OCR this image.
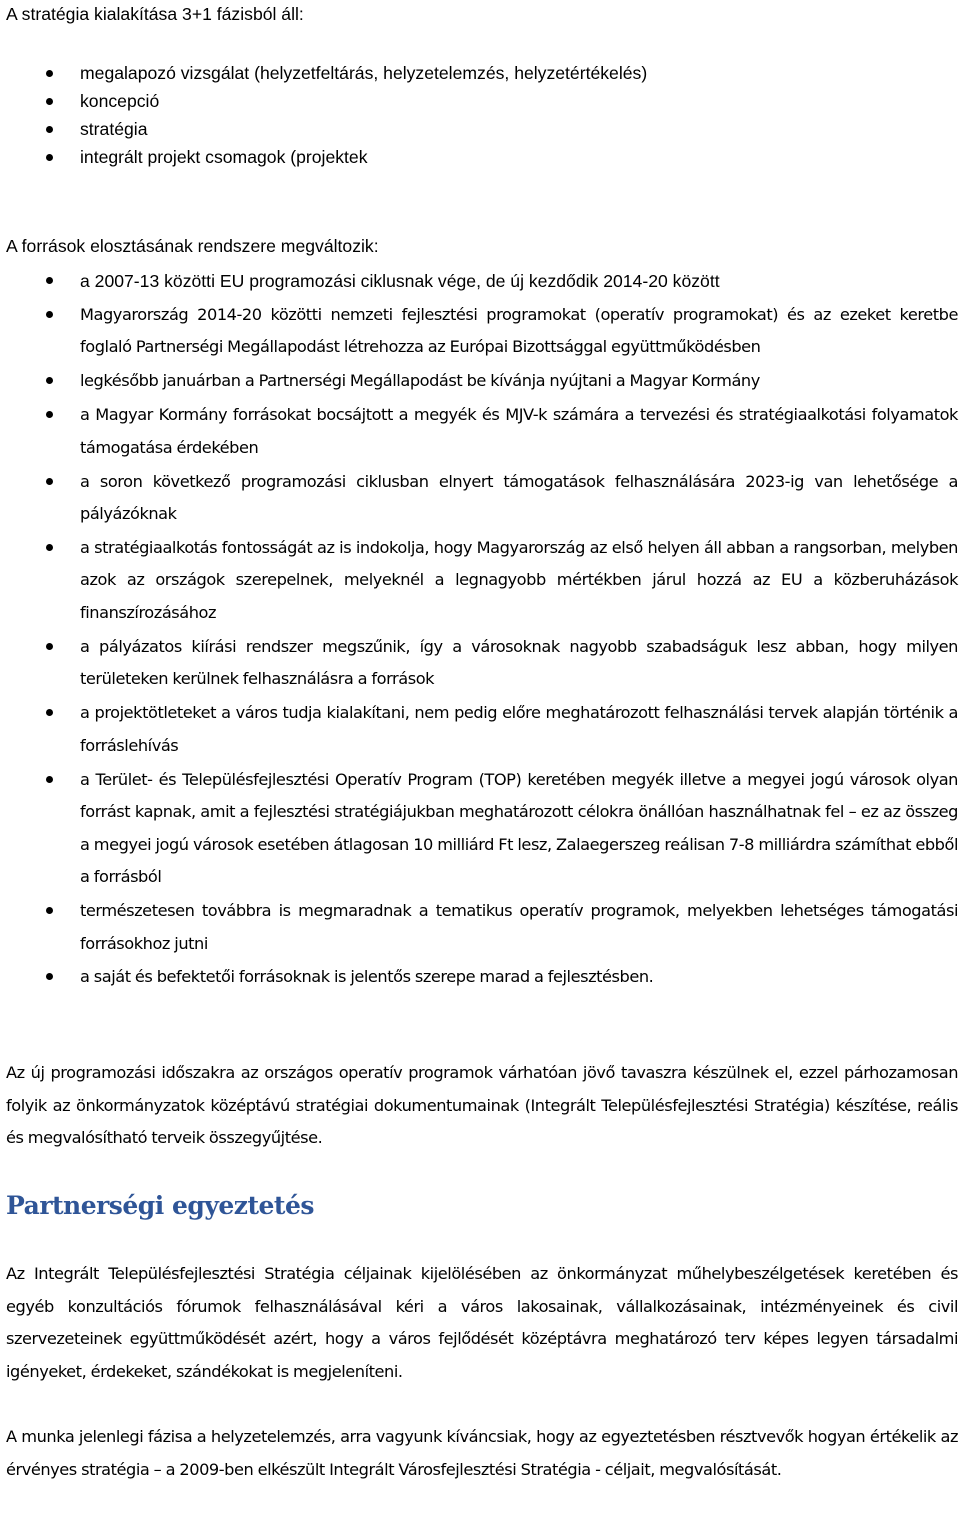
A stratégia kialakítása 3+1 fázisból áll:

megalapozó vizsgálat (helyzetfeltárás, helyzetelemzés, helyzetértékelés)
koncepció
stratégia
integrált projekt csomagok (projektek

A források elosztásának rendszere megváltozik:

a 2007-13 közötti EU programozási ciklusnak vége, de új kezdődik 2014-20 között
Magyarország 2014-20 közötti nemzeti fejlesztési programokat (operatív programokat) és az ezeket keretbe foglaló Partnerségi Megállapodást létrehozza az Európai Bizottsággal együttműködésben
legkésőbb januárban a Partnerségi Megállapodást be kívánja nyújtani a Magyar Kormány
a Magyar Kormány forrásokat bocsájtott a megyék és MJV-k számára a tervezési és stratégiaalkotási folyamatok támogatása érdekében
a soron következő programozási ciklusban elnyert támogatások felhasználására 2023-ig van lehetősége a pályázóknak
a stratégiaalkotás fontosságát az is indokolja, hogy Magyarország az első helyen áll abban a rangsorban, melyben azok az országok szerepelnek, melyeknél a legnagyobb mértékben járul hozzá az EU a közberuházások finanszírozásához
a pályázatos kiírási rendszer megszűnik, így a városoknak nagyobb szabadságuk lesz abban, hogy milyen területeken kerülnek felhasználásra a források
a projektötleteket a város tudja kialakítani, nem pedig előre meghatározott felhasználási tervek alapján történik a forráslehívás
a Terület- és Településfejlesztési Operatív Program (TOP) keretében megyék illetve a megyei jogú városok olyan forrást kapnak, amit a fejlesztési stratégiájukban meghatározott célokra önállóan használhatnak fel – ez az összeg a megyei jogú városok esetében átlagosan 10 milliárd Ft lesz, Zalaegerszeg reálisan 7-8 milliárdra számíthat ebből a forrásból
természetesen továbbra is megmaradnak a tematikus operatív programok, melyekben lehetséges támogatási forrásokhoz jutni
a saját és befektetői forrásoknak is jelentős szerepe marad a fejlesztésben.

Az új programozási időszakra az országos operatív programok várhatóan jövő tavaszra készülnek el, ezzel párhozamosan folyik az önkormányzatok középtávú stratégiai dokumentumainak (Integrált Településfejlesztési Stratégia) készítése, reális és megvalósítható terveik összegyűjtése.

Partnerségi egyeztetés

Az Integrált Településfejlesztési Stratégia céljainak kijelölésében az önkormányzat műhelybeszélgetések keretében és egyéb konzultációs fórumok felhasználásával kéri a város lakosainak, vállalkozásainak, intézményeinek és civil szervezeteinek együttműködését azért, hogy a város fejlődését középtávra meghatározó terv képes legyen társadalmi igényeket, érdekeket, szándékokat is megjeleníteni.

A munka jelenlegi fázisa a helyzetelemzés, arra vagyunk kíváncsiak, hogy az egyeztetésben résztvevők hogyan értékelik az érvényes stratégia – a 2009-ben elkészült Integrált Városfejlesztési Stratégia - céljait, megvalósítását.
